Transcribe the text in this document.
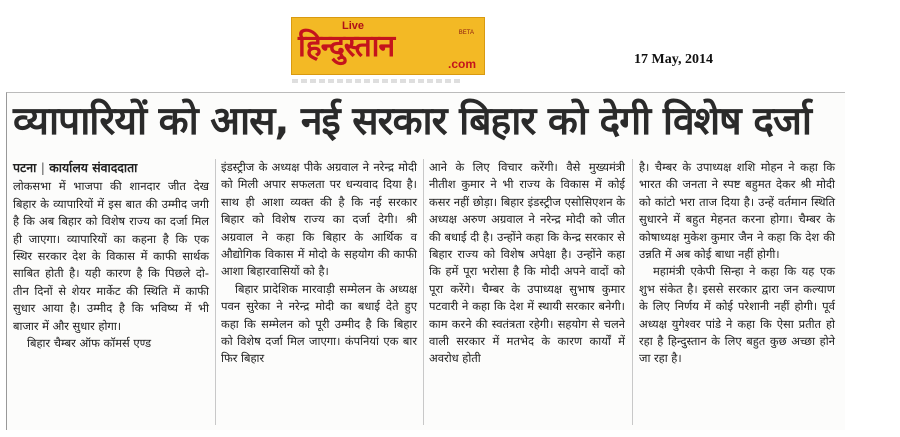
Live
BETA
हिन्दुस्तान	.com	17 May, 2014
व्यापारियों को आस, नई सरकार बिहार को देगी विशेष दर्जा

पटना | कार्यालय संवाददाता

लोकसभा में भाजपा की शानदार जीत देख बिहार के व्यापारियों में इस बात की उम्मीद जगी है कि अब बिहार को विशेष राज्य का दर्जा मिल ही जाएगा। व्यापारियों का कहना है कि एक स्थिर सरकार देश के विकास में काफी सार्थक साबित होती है। यही कारण है कि पिछले दो-तीन दिनों से शेयर मार्केट की स्थिति में काफी सुधार आया है। उम्मीद है कि भविष्य में भी बाजार में और सुधार होगा।

बिहार चैम्बर ऑफ कॉमर्स एण्ड

इंडस्ट्रीज के अध्यक्ष पीके अग्रवाल ने नरेन्द्र मोदी को मिली अपार सफलता पर धन्यवाद दिया है। साथ ही आशा व्यक्त की है कि नई सरकार बिहार को विशेष राज्य का दर्जा देगी। श्री अग्रवाल ने कहा कि बिहार के आर्थिक व औद्योगिक विकास में मोदो के सहयोग की काफी आशा बिहारवासियों को है।

बिहार प्रादेशिक मारवाड़ी सम्मेलन के अध्यक्ष पवन सुरेका ने नरेन्द्र मोदी का बधाई देते हुए कहा कि सम्मेलन को पूरी उम्मीद है कि बिहार को विशेष दर्जा मिल जाएगा। कंपनियां एक बार फिर बिहार

आने के लिए विचार करेंगी। वैसे मुख्यमंत्री नीतीश कुमार ने भी राज्य के विकास में कोई कसर नहीं छोड़ा। बिहार इंडस्ट्रीज एसोसिएशन के अध्यक्ष अरुण अग्रवाल ने नरेन्द्र मोदी को जीत की बधाई दी है। उन्होंने कहा कि केन्द्र सरकार से बिहार राज्य को विशेष अपेक्षा है। उन्होंने कहा कि हमें पूरा भरोसा है कि मोदी अपने वादों को पूरा करेंगे। चैम्बर के उपाध्यक्ष सुभाष कुमार पटवारी ने कहा कि देश में स्थायी सरकार बनेगी। काम करने की स्वतंत्रता रहेगी। सहयोग से चलने वाली सरकार में मतभेद के कारण कार्यों में अवरोध होती

है। चैम्बर के उपाध्यक्ष शशि मोहन ने कहा कि भारत की जनता ने स्पष्ट बहुमत देकर श्री मोदी को कांटो भरा ताज दिया है। उन्हें वर्तमान स्थिति सुधारने में बहुत मेहनत करना होगा। चैम्बर के कोषाध्यक्ष मुकेश कुमार जैन ने कहा कि देश की उन्नति में अब कोई बाधा नहीं होगी।

महामंत्री एकेपी सिन्हा ने कहा कि यह एक शुभ संकेत है। इससे सरकार द्वारा जन कल्याण के लिए निर्णय में कोई परेशानी नहीं होगी। पूर्व अध्यक्ष युगेश्वर पांडे ने कहा कि ऐसा प्रतीत हो रहा है हिन्दुस्तान के लिए बहुत कुछ अच्छा होने जा रहा है।
